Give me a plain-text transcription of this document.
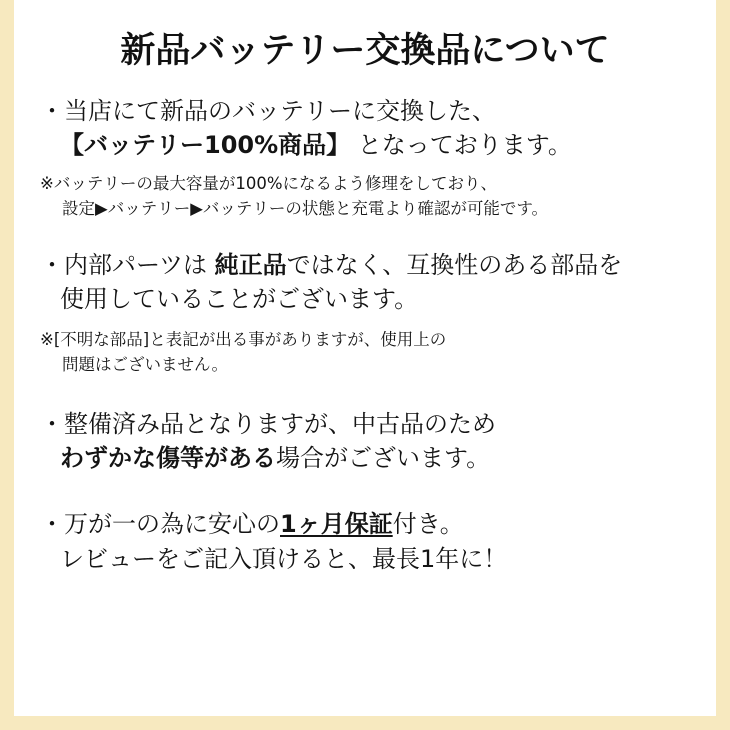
新品バッテリー交換品について
・当店にて新品のバッテリーに交換した、
【バッテリー100%商品】 となっております。
※バッテリーの最大容量が100%になるよう修理をしており、
設定▶バッテリー▶バッテリーの状態と充電より確認が可能です。
・内部パーツは 純正品ではなく、互換性のある部品を
使用していることがございます。
※[不明な部品]と表記が出る事がありますが、使用上の
問題はございません。
・整備済み品となりますが、中古品のため
わずかな傷等がある場合がございます。
・万が一の為に安心の1ヶ月保証付き。
レビューをご記入頂けると、最長1年に！
